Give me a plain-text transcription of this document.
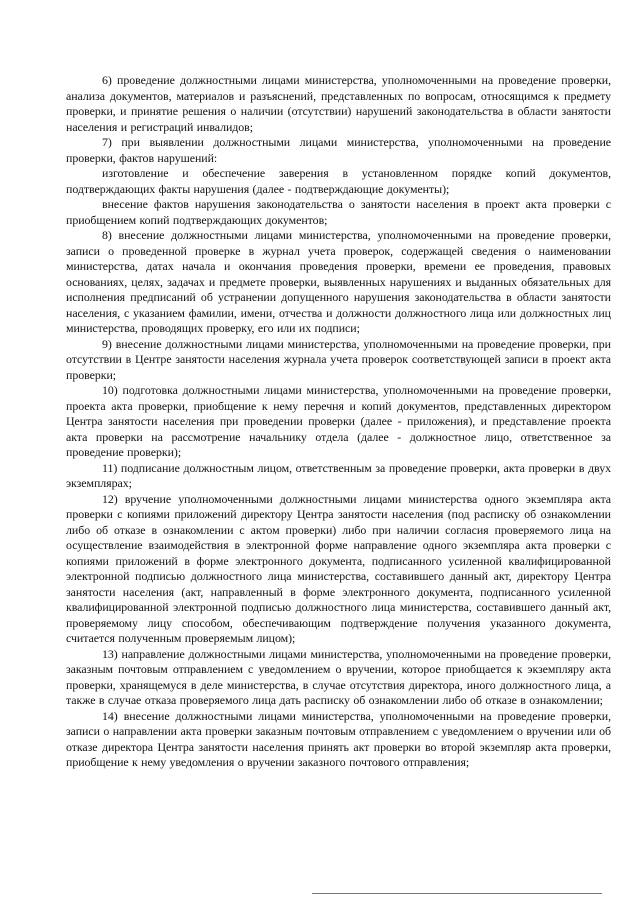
6) проведение должностными лицами министерства, уполномоченными на проведение проверки, анализа документов, материалов и разъяснений, представленных по вопросам, относящимся к предмету проверки, и принятие решения о наличии (отсутствии) нарушений законодательства в области занятости населения и регистраций инвалидов;

7) при выявлении должностными лицами министерства, уполномоченными на проведение проверки, фактов нарушений:

изготовление и обеспечение заверения в установленном порядке копий документов, подтверждающих факты нарушения (далее - подтверждающие документы);

внесение фактов нарушения законодательства о занятости населения в проект акта проверки с приобщением копий подтверждающих документов;

8) внесение должностными лицами министерства, уполномоченными на проведение проверки, записи о проведенной проверке в журнал учета проверок, содержащей сведения о наименовании министерства, датах начала и окончания проведения проверки, времени ее проведения, правовых основаниях, целях, задачах и предмете проверки, выявленных нарушениях и выданных обязательных для исполнения предписаний об устранении допущенного нарушения законодательства в области занятости населения, с указанием фамилии, имени, отчества и должности должностного лица или должностных лиц министерства, проводящих проверку, его или их подписи;

9) внесение должностными лицами министерства, уполномоченными на проведение проверки, при отсутствии в Центре занятости населения журнала учета проверок соответствующей записи в проект акта проверки;

10) подготовка должностными лицами министерства, уполномоченными на проведение проверки, проекта акта проверки, приобщение к нему перечня и копий документов, представленных директором Центра занятости населения при проведении проверки (далее - приложения), и представление проекта акта проверки на рассмотрение начальнику отдела (далее - должностное лицо, ответственное за проведение проверки);

11) подписание должностным лицом, ответственным за проведение проверки, акта проверки в двух экземплярах;

12) вручение уполномоченными должностными лицами министерства одного экземпляра акта проверки с копиями приложений директору Центра занятости населения (под расписку об ознакомлении либо об отказе в ознакомлении с актом проверки) либо при наличии согласия проверяемого лица на осуществление взаимодействия в электронной форме направление одного экземпляра акта проверки с копиями приложений в форме электронного документа, подписанного усиленной квалифицированной электронной подписью должностного лица министерства, составившего данный акт, директору Центра занятости населения (акт, направленный в форме электронного документа, подписанного усиленной квалифицированной электронной подписью должностного лица министерства, составившего данный акт, проверяемому лицу способом, обеспечивающим подтверждение получения указанного документа, считается полученным проверяемым лицом);

13) направление должностными лицами министерства, уполномоченными на проведение проверки, заказным почтовым отправлением с уведомлением о вручении, которое приобщается к экземпляру акта проверки, хранящемуся в деле министерства, в случае отсутствия директора, иного должностного лица, а также в случае отказа проверяемого лица дать расписку об ознакомлении либо об отказе в ознакомлении;

14) внесение должностными лицами министерства, уполномоченными на проведение проверки, записи о направлении акта проверки заказным почтовым отправлением с уведомлением о вручении или об отказе директора Центра занятости населения принять акт проверки во второй экземпляр акта проверки, приобщение к нему уведомления о вручении заказного почтового отправления;
